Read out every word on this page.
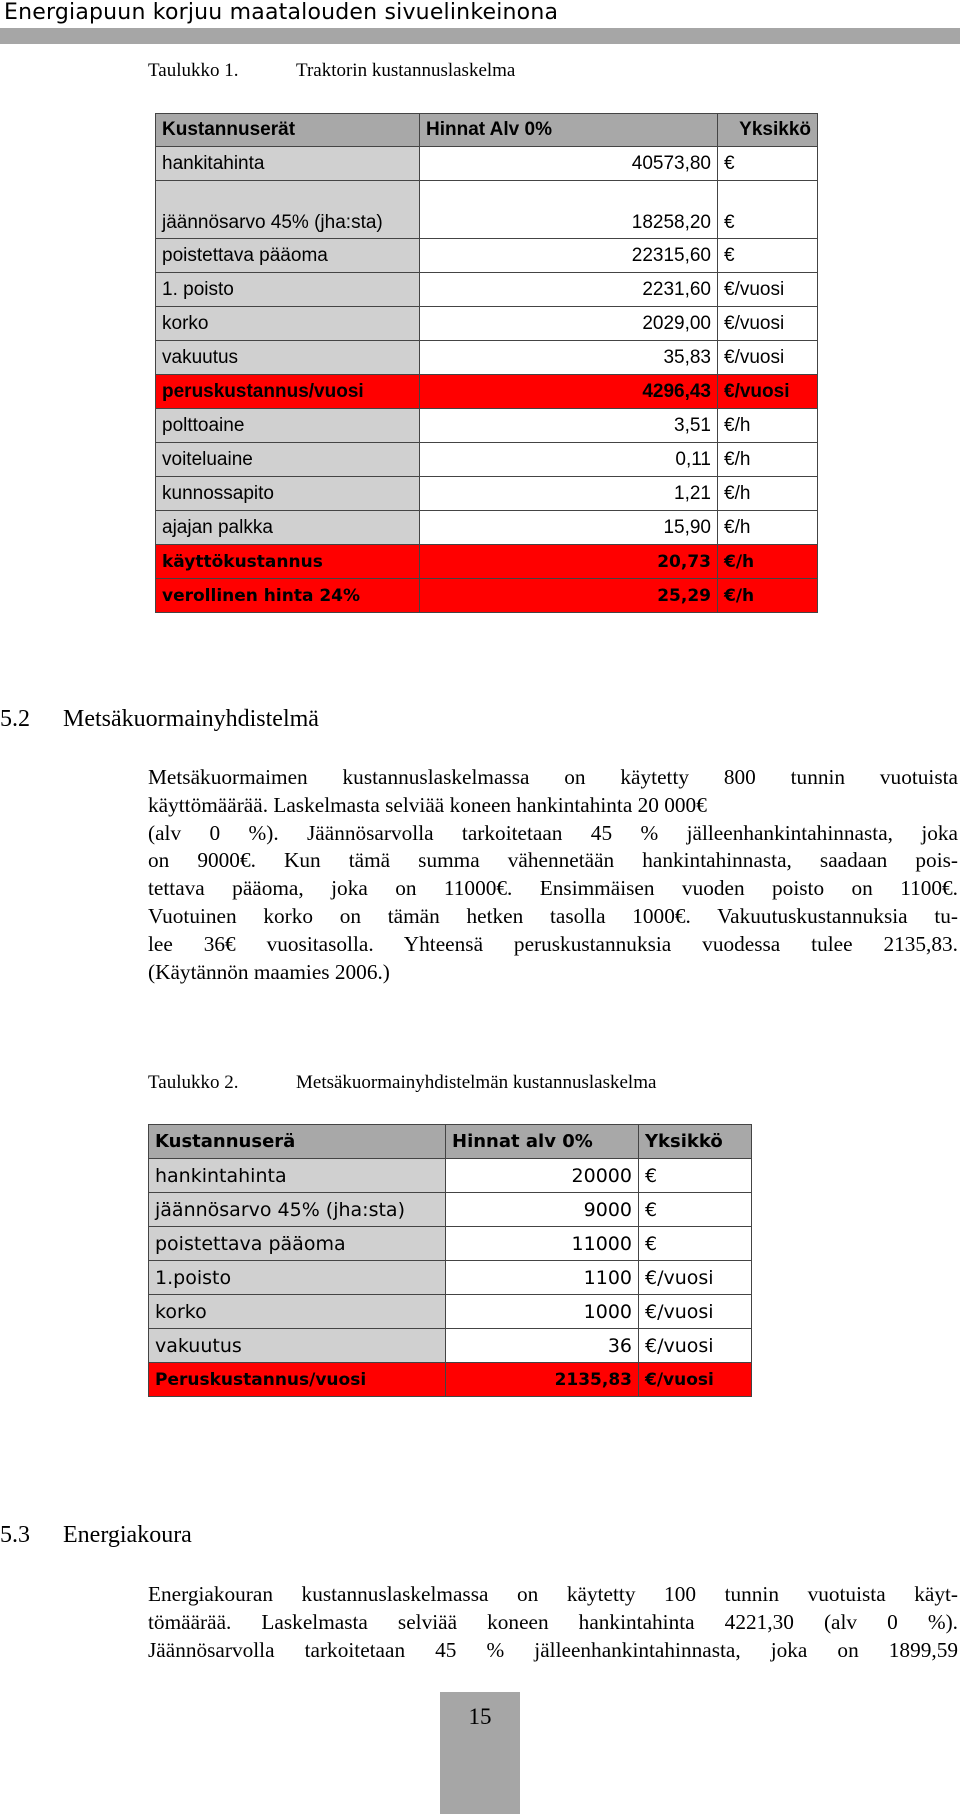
Energiapuun korjuu maatalouden sivuelinkeinona
Taulukko 1.	Traktorin kustannuslaskelma
Kustannuserät	Hinnat Alv 0%	Yksikkö
hankitahinta	40573,80	€
jäännösarvo 45% (jha:sta)	18258,20	€
poistettava pääoma	22315,60	€
1. poisto	2231,60	€/vuosi
korko	2029,00	€/vuosi
vakuutus	35,83	€/vuosi
peruskustannus/vuosi	4296,43	€/vuosi
polttoaine	3,51	€/h
voiteluaine	0,11	€/h
kunnossapito	1,21	€/h
ajajan palkka	15,90	€/h
käyttökustannus	20,73	€/h
verollinen hinta 24%	25,29	€/h
5.2 Metsäkuormainyhdistelmä
Metsäkuormaimen kustannuslaskelmassa on käytetty 800 tunnin vuotuista
käyttömäärää. Laskelmasta selviää koneen hankintahinta 20 000€
(alv 0 %). Jäännösarvolla tarkoitetaan 45 % jälleenhankintahinnasta, joka
on 9000€. Kun tämä summa vähennetään hankintahinnasta, saadaan pois-
tettava pääoma, joka on 11000€. Ensimmäisen vuoden poisto on 1100€.
Vuotuinen korko on tämän hetken tasolla 1000€. Vakuutuskustannuksia tu-
lee 36€ vuositasolla. Yhteensä peruskustannuksia vuodessa tulee 2135,83.
(Käytännön maamies 2006.)
Taulukko 2.	Metsäkuormainyhdistelmän kustannuslaskelma
Kustannuserä	Hinnat alv 0%	Yksikkö
hankintahinta	20000	€
jäännösarvo 45% (jha:sta)	9000	€
poistettava pääoma	11000	€
1.poisto	1100	€/vuosi
korko	1000	€/vuosi
vakuutus	36	€/vuosi
Peruskustannus/vuosi	2135,83	€/vuosi
5.3 Energiakoura
Energiakouran kustannuslaskelmassa on käytetty 100 tunnin vuotuista käyt-
tömäärää. Laskelmasta selviää koneen hankintahinta 4221,30 (alv 0 %).
Jäännösarvolla tarkoitetaan 45 % jälleenhankintahinnasta, joka on 1899,59
15
